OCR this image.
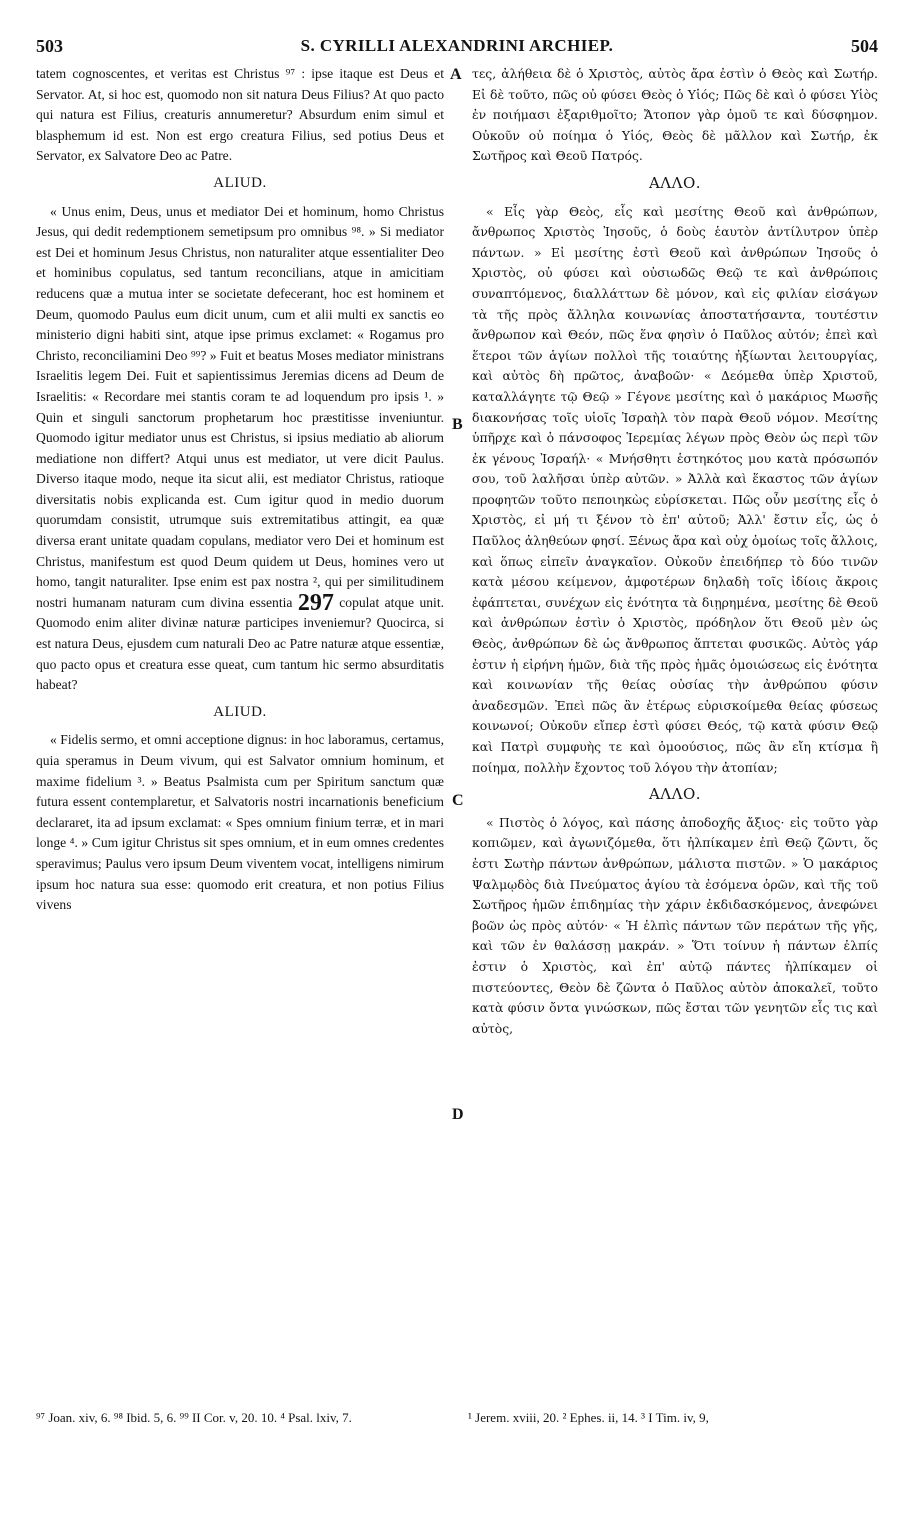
503	S. CYRILLI ALEXANDRINI ARCHIEP.	504

tatem cognoscentes, et veritas est Christus ⁹⁷ : ipse itaque est Deus et Servator. At, si hoc est, quomodo non sit natura Deus Filius? At quo pacto qui natura est Filius, creaturis annumeretur? Absurdum enim simul et blasphemum id est. Non est ergo creatura Filius, sed potius Deus et Servator, ex Salvatore Deo ac Patre.

ALIUD.

« Unus enim, Deus, unus et mediator Dei et hominum, homo Christus Jesus, qui dedit redemptionem semetipsum pro omnibus ⁹⁸. » Si mediator est Dei et hominum Jesus Christus, non naturaliter atque essentialiter Deo et hominibus copulatus, sed tantum reconcilians, atque in amicitiam reducens quæ a mutua inter se societate defecerant, hoc est hominem et Deum, quomodo Paulus eum dicit unum, cum et alii multi ex sanctis eo ministerio digni habiti sint, atque ipse primus exclamet: « Rogamus pro Christo, reconciliamini Deo ⁹⁹? » Fuit et beatus Moses mediator ministrans Israelitis legem Dei. Fuit et sapientissimus Jeremias dicens ad Deum de Israelitis: « Recordare mei stantis coram te ad loquendum pro ipsis ¹. » Quin et singuli sanctorum prophetarum hoc præstitisse inveniuntur. Quomodo igitur mediator unus est Christus, si ipsius mediatio ab aliorum mediatione non differt? Atqui unus est mediator, ut vere dicit Paulus. Diverso itaque modo, neque ita sicut alii, est mediator Christus, ratioque diversitatis nobis explicanda est. Cum igitur quod in medio duorum quorumdam consistit, utrumque suis extremitatibus attingit, ea quæ diversa erant unitate quadam copulans, mediator vero Dei et hominum est Christus, manifestum est quod Deum quidem ut Deus, homines vero ut homo, tangit naturaliter. Ipse enim est pax nostra ², qui per similitudinem nostri humanam naturam cum divina essentia 297 copulat atque unit. Quomodo enim aliter divinæ naturæ participes inveniemur? Quocirca, si est natura Deus, ejusdem cum naturali Deo ac Patre naturæ atque essentiæ, quo pacto opus et creatura esse queat, cum tantum hic sermo absurditatis habeat?

ALIUD.

« Fidelis sermo, et omni acceptione dignus: in hoc laboramus, certamus, quia speramus in Deum vivum, qui est Salvator omnium hominum, et maxime fidelium ³. » Beatus Psalmista cum per Spiritum sanctum quæ futura essent contemplaretur, et Salvatoris nostri incarnationis beneficium declararet, ita ad ipsum exclamat: « Spes omnium finium terræ, et in mari longe ⁴. » Cum igitur Christus sit spes omnium, et in eum omnes credentes speravimus; Paulus vero ipsum Deum viventem vocat, intelligens nimirum ipsum hoc natura sua esse: quomodo erit creatura, et non potius Filius vivens

A
B
C
D

τες, ἀλήθεια δὲ ὁ Χριστὸς, αὐτὸς ἄρα ἐστὶν ὁ Θεὸς καὶ Σωτήρ. Εἰ δὲ τοῦτο, πῶς οὐ φύσει Θεὸς ὁ Υἱός; Πῶς δὲ καὶ ὁ φύσει Υἱὸς ἐν ποιήμασι ἐξαριθμοῖτο; Ἄτοπον γὰρ ὁμοῦ τε καὶ δύσφημον. Οὐκοῦν οὐ ποίημα ὁ Υἱός, Θεὸς δὲ μᾶλλον καὶ Σωτήρ, ἐκ Σωτῆρος καὶ Θεοῦ Πατρός.

ΑΛΛΟ.

« Εἷς γὰρ Θεὸς, εἷς καὶ μεσίτης Θεοῦ καὶ ἀνθρώπων, ἄνθρωπος Χριστὸς Ἰησοῦς, ὁ δοὺς ἑαυτὸν ἀντίλυτρον ὑπὲρ πάντων. » Εἰ μεσίτης ἐστὶ Θεοῦ καὶ ἀνθρώπων Ἰησοῦς ὁ Χριστὸς, οὐ φύσει καὶ οὐσιωδῶς Θεῷ τε καὶ ἀνθρώποις συναπτόμενος, διαλλάττων δὲ μόνον, καὶ εἰς φιλίαν εἰσάγων τὰ τῆς πρὸς ἄλληλα κοινωνίας ἀποστατήσαντα, τουτέστιν ἄνθρωπον καὶ Θεόν, πῶς ἕνα φησὶν ὁ Παῦλος αὐτόν; ἐπεὶ καὶ ἕτεροι τῶν ἁγίων πολλοὶ τῆς τοιαύτης ἠξίωνται λειτουργίας, καὶ αὐτὸς δὴ πρῶτος, ἀναβοῶν· « Δεόμεθα ὑπὲρ Χριστοῦ, καταλλάγητε τῷ Θεῷ » Γέγονε μεσίτης καὶ ὁ μακάριος Μωσῆς διακονήσας τοῖς υἱοῖς Ἰσραὴλ τὸν παρὰ Θεοῦ νόμον. Μεσίτης ὑπῆρχε καὶ ὁ πάνσοφος Ἱερεμίας λέγων πρὸς Θεὸν ὡς περὶ τῶν ἐκ γένους Ἰσραήλ· « Μνήσθητι ἑστηκότος μου κατὰ πρόσωπόν σου, τοῦ λαλῆσαι ὑπὲρ αὐτῶν. » Ἀλλὰ καὶ ἕκαστος τῶν ἁγίων προφητῶν τοῦτο πεποιηκὼς εὑρίσκεται. Πῶς οὖν μεσίτης εἷς ὁ Χριστὸς, εἰ μή τι ξένον τὸ ἐπ' αὐτοῦ; Ἀλλ' ἔστιν εἷς, ὡς ὁ Παῦλος ἀληθεύων φησί. Ξένως ἄρα καὶ οὐχ ὁμοίως τοῖς ἄλλοις, καὶ ὅπως εἰπεῖν ἀναγκαῖον. Οὐκοῦν ἐπειδήπερ τὸ δύο τινῶν κατὰ μέσου κείμενον, ἀμφοτέρων δηλαδὴ τοῖς ἰδίοις ἄκροις ἐφάπτεται, συνέχων εἰς ἑνότητα τὰ διῃρημένα, μεσίτης δὲ Θεοῦ καὶ ἀνθρώπων ἐστὶν ὁ Χριστὸς, πρόδηλον ὅτι Θεοῦ μὲν ὡς Θεὸς, ἀνθρώπων δὲ ὡς ἄνθρωπος ἅπτεται φυσικῶς. Αὐτὸς γάρ ἐστιν ἡ εἰρήνη ἡμῶν, διὰ τῆς πρὸς ἡμᾶς ὁμοιώσεως εἰς ἑνότητα καὶ κοινωνίαν τῆς θείας οὐσίας τὴν ἀνθρώπου φύσιν ἀναδεσμῶν. Ἐπεὶ πῶς ἂν ἑτέρως εὑρισκοίμεθα θείας φύσεως κοινωνοί; Οὐκοῦν εἴπερ ἐστὶ φύσει Θεός, τῷ κατὰ φύσιν Θεῷ καὶ Πατρὶ συμφυὴς τε καὶ ὁμοούσιος, πῶς ἂν εἴη κτίσμα ἢ ποίημα, πολλὴν ἔχοντος τοῦ λόγου τὴν ἀτοπίαν;

ΑΛΛΟ.

« Πιστὸς ὁ λόγος, καὶ πάσης ἀποδοχῆς ἄξιος· εἰς τοῦτο γὰρ κοπιῶμεν, καὶ ἀγωνιζόμεθα, ὅτι ἠλπίκαμεν ἐπὶ Θεῷ ζῶντι, ὅς ἐστι Σωτὴρ πάντων ἀνθρώπων, μάλιστα πιστῶν. » Ὁ μακάριος Ψαλμῳδὸς διὰ Πνεύματος ἁγίου τὰ ἐσόμενα ὁρῶν, καὶ τῆς τοῦ Σωτῆρος ἡμῶν ἐπιδημίας τὴν χάριν ἐκδιδασκόμενος, ἀνεφώνει βοῶν ὡς πρὸς αὐτόν· « Ἡ ἐλπὶς πάντων τῶν περάτων τῆς γῆς, καὶ τῶν ἐν θαλάσσῃ μακράν. » Ὅτι τοίνυν ἡ πάντων ἐλπίς ἐστιν ὁ Χριστὸς, καὶ ἐπ' αὐτῷ πάντες ἠλπίκαμεν οἱ πιστεύοντες, Θεὸν δὲ ζῶντα ὁ Παῦλος αὐτὸν ἀποκαλεῖ, τοῦτο κατὰ φύσιν ὄντα γινώσκων, πῶς ἔσται τῶν γενητῶν εἷς τις καὶ αὐτὸς,

⁹⁷ Joan. xiv, 6. ⁹⁸ Ibid. 5, 6. ⁹⁹ II Cor. v, 20. 10. ⁴ Psal. lxiv, 7.	¹ Jerem. xviii, 20. ² Ephes. ii, 14. ³ I Tim. iv, 9,
